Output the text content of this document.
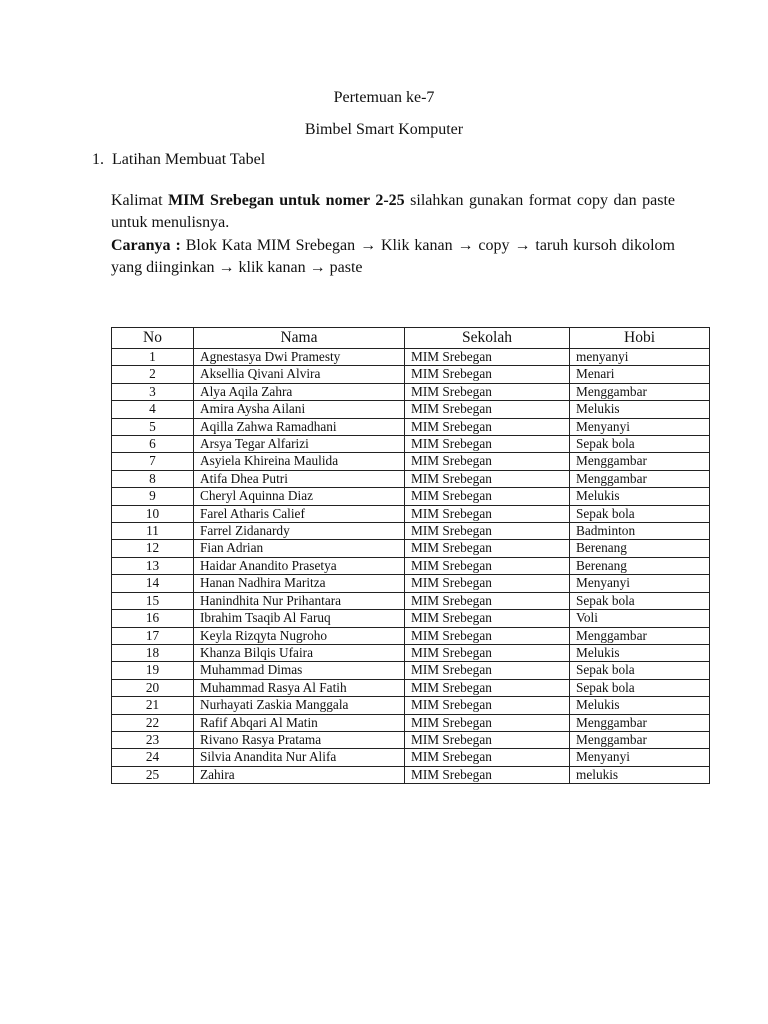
Pertemuan ke-7
Bimbel Smart Komputer
1. Latihan Membuat Tabel
Kalimat MIM Srebegan untuk nomer 2-25 silahkan gunakan format copy dan paste untuk menulisnya.
Caranya : Blok Kata MIM Srebegan → Klik kanan → copy → taruh kursoh dikolom yang diinginkan → klik kanan → paste
No	Nama	Sekolah	Hobi
1	Agnestasya Dwi Pramesty	MIM Srebegan	menyanyi
2	Aksellia Qivani Alvira	MIM Srebegan	Menari
3	Alya Aqila Zahra	MIM Srebegan	Menggambar
4	Amira Aysha Ailani	MIM Srebegan	Melukis
5	Aqilla Zahwa Ramadhani	MIM Srebegan	Menyanyi
6	Arsya Tegar Alfarizi	MIM Srebegan	Sepak bola
7	Asyiela Khireina Maulida	MIM Srebegan	Menggambar
8	Atifa Dhea Putri	MIM Srebegan	Menggambar
9	Cheryl Aquinna Diaz	MIM Srebegan	Melukis
10	Farel Atharis Calief	MIM Srebegan	Sepak bola
11	Farrel Zidanardy	MIM Srebegan	Badminton
12	Fian Adrian	MIM Srebegan	Berenang
13	Haidar Anandito Prasetya	MIM Srebegan	Berenang
14	Hanan Nadhira Maritza	MIM Srebegan	Menyanyi
15	Hanindhita Nur Prihantara	MIM Srebegan	Sepak bola
16	Ibrahim Tsaqib Al Faruq	MIM Srebegan	Voli
17	Keyla Rizqyta Nugroho	MIM Srebegan	Menggambar
18	Khanza Bilqis Ufaira	MIM Srebegan	Melukis
19	Muhammad Dimas	MIM Srebegan	Sepak bola
20	Muhammad Rasya Al Fatih	MIM Srebegan	Sepak bola
21	Nurhayati Zaskia Manggala	MIM Srebegan	Melukis
22	Rafif Abqari Al Matin	MIM Srebegan	Menggambar
23	Rivano Rasya Pratama	MIM Srebegan	Menggambar
24	Silvia Anandita Nur Alifa	MIM Srebegan	Menyanyi
25	Zahira	MIM Srebegan	melukis
